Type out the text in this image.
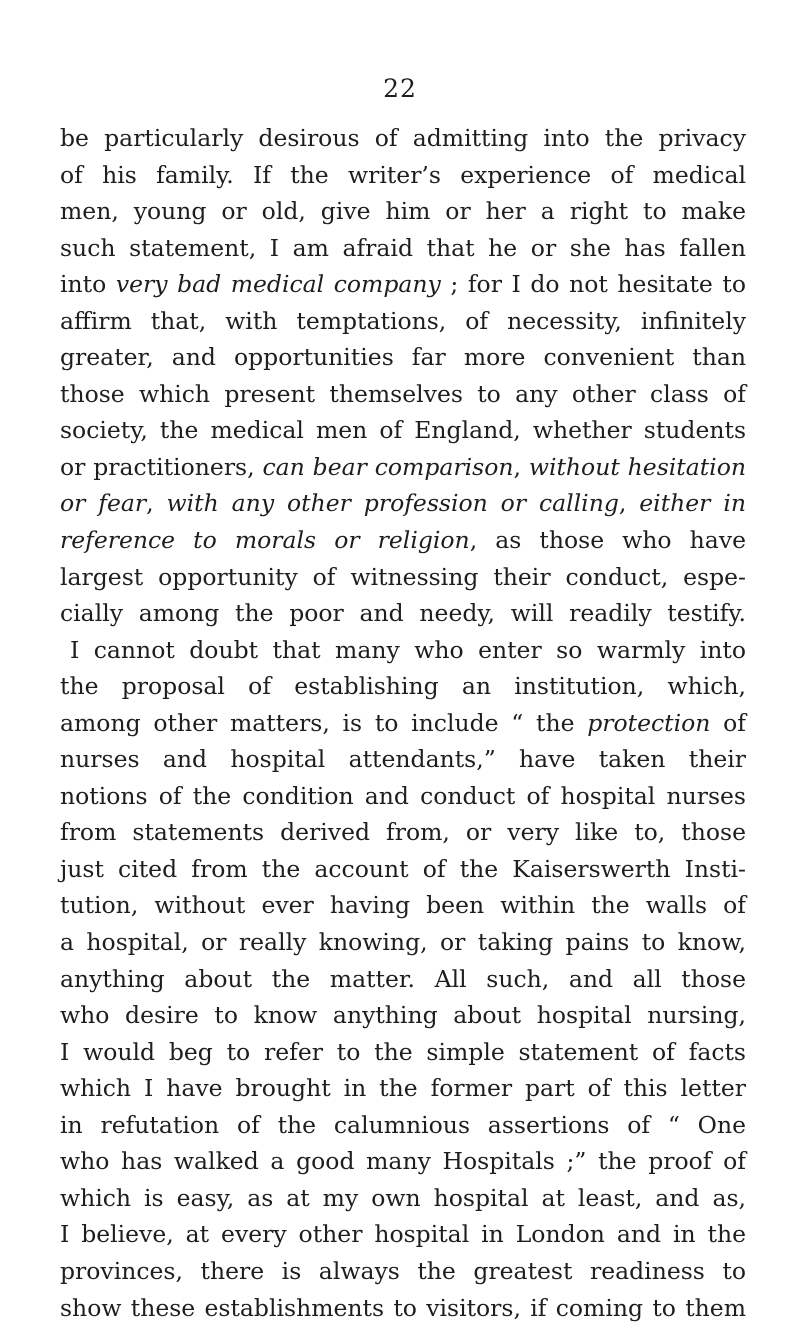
22
be particularly desirous of admitting into the privacy
of his family. If the writer’s experience of medical
men, young or old, give him or her a right to make
such statement, I am afraid that he or she has fallen
into very bad medical company ; for I do not hesitate to
affirm that, with temptations, of necessity, infinitely
greater, and opportunities far more convenient than
those which present themselves to any other class of
society, the medical men of England, whether students
or practitioners, can bear comparison, without hesitation
or fear, with any other profession or calling, either in
reference to morals or religion, as those who have
largest opportunity of witnessing their conduct, espe-
cially among the poor and needy, will readily testify.
I cannot doubt that many who enter so warmly into
the proposal of establishing an institution, which,
among other matters, is to include “ the protection of
nurses and hospital attendants,” have taken their
notions of the condition and conduct of hospital nurses
from statements derived from, or very like to, those
just cited from the account of the Kaiserswerth Insti-
tution, without ever having been within the walls of
a hospital, or really knowing, or taking pains to know,
anything about the matter. All such, and all those
who desire to know anything about hospital nursing,
I would beg to refer to the simple statement of facts
which I have brought in the former part of this letter
in refutation of the calumnious assertions of “ One
who has walked a good many Hospitals ;” the proof of
which is easy, as at my own hospital at least, and as,
I believe, at every other hospital in London and in the
provinces, there is always the greatest readiness to
show these establishments to visitors, if coming to them
